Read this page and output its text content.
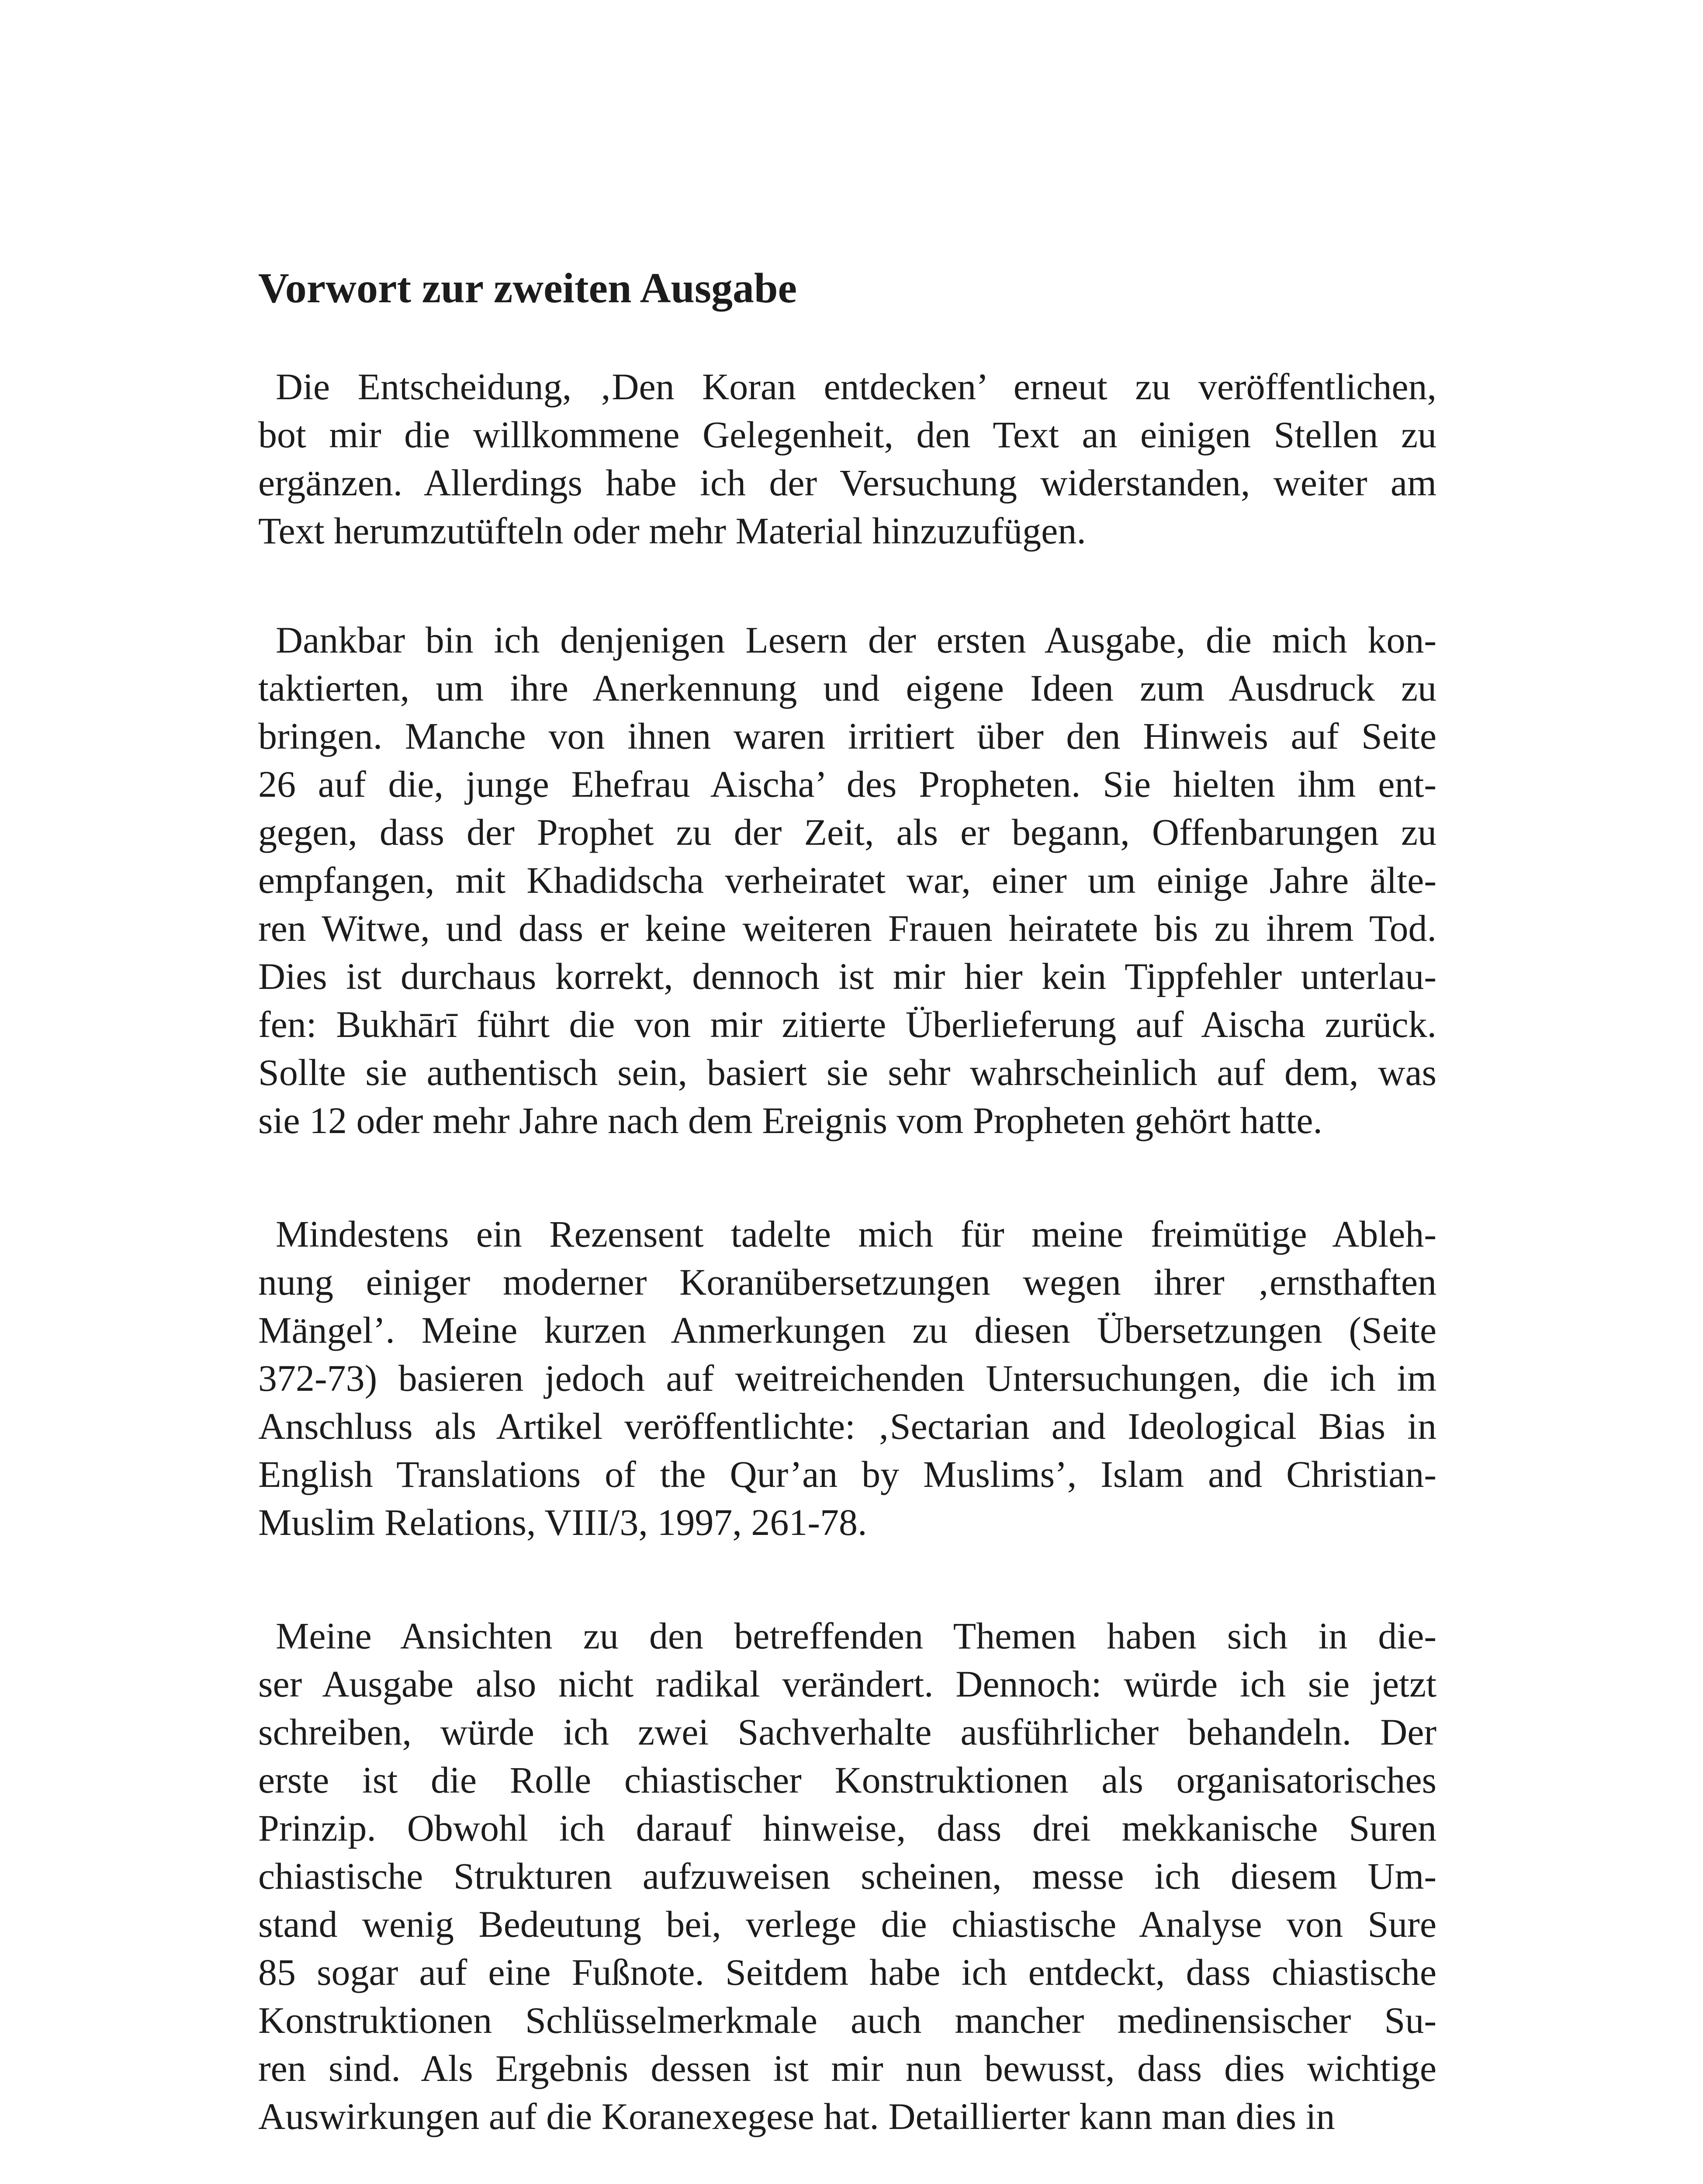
Vorwort zur zweiten Ausgabe
Die Entscheidung, ‚Den Koran entdecken’ erneut zu veröffentlichen,
bot mir die willkommene Gelegenheit, den Text an einigen Stellen zu
ergänzen. Allerdings habe ich der Versuchung widerstanden, weiter am
Text herumzutüfteln oder mehr Material hinzuzufügen.
Dankbar bin ich denjenigen Lesern der ersten Ausgabe, die mich kon-
taktierten, um ihre Anerkennung und eigene Ideen zum Ausdruck zu
bringen. Manche von ihnen waren irritiert über den Hinweis auf Seite
26 auf die, junge Ehefrau Aischa’ des Propheten. Sie hielten ihm ent-
gegen, dass der Prophet zu der Zeit, als er begann, Offenbarungen zu
empfangen, mit Khadidscha verheiratet war, einer um einige Jahre älte-
ren Witwe, und dass er keine weiteren Frauen heiratete bis zu ihrem Tod.
Dies ist durchaus korrekt, dennoch ist mir hier kein Tippfehler unterlau-
fen: Bukhārī führt die von mir zitierte Überlieferung auf Aischa zurück.
Sollte sie authentisch sein, basiert sie sehr wahrscheinlich auf dem, was
sie 12 oder mehr Jahre nach dem Ereignis vom Propheten gehört hatte.
Mindestens ein Rezensent tadelte mich für meine freimütige Ableh-
nung einiger moderner Koranübersetzungen wegen ihrer ‚ernsthaften
Mängel’. Meine kurzen Anmerkungen zu diesen Übersetzungen (Seite
372-73) basieren jedoch auf weitreichenden Untersuchungen, die ich im
Anschluss als Artikel veröffentlichte: ‚Sectarian and Ideological Bias in
English Translations of the Qur’an by Muslims’, Islam and Christian-
Muslim Relations, VIII/3, 1997, 261-78.
Meine Ansichten zu den betreffenden Themen haben sich in die-
ser Ausgabe also nicht radikal verändert. Dennoch: würde ich sie jetzt
schreiben, würde ich zwei Sachverhalte ausführlicher behandeln. Der
erste ist die Rolle chiastischer Konstruktionen als organisatorisches
Prinzip. Obwohl ich darauf hinweise, dass drei mekkanische Suren
chiastische Strukturen aufzuweisen scheinen, messe ich diesem Um-
stand wenig Bedeutung bei, verlege die chiastische Analyse von Sure
85 sogar auf eine Fußnote. Seitdem habe ich entdeckt, dass chiastische
Konstruktionen Schlüsselmerkmale auch mancher medinensischer Su-
ren sind. Als Ergebnis dessen ist mir nun bewusst, dass dies wichtige
Auswirkungen auf die Koranexegese hat. Detaillierter kann man dies in
